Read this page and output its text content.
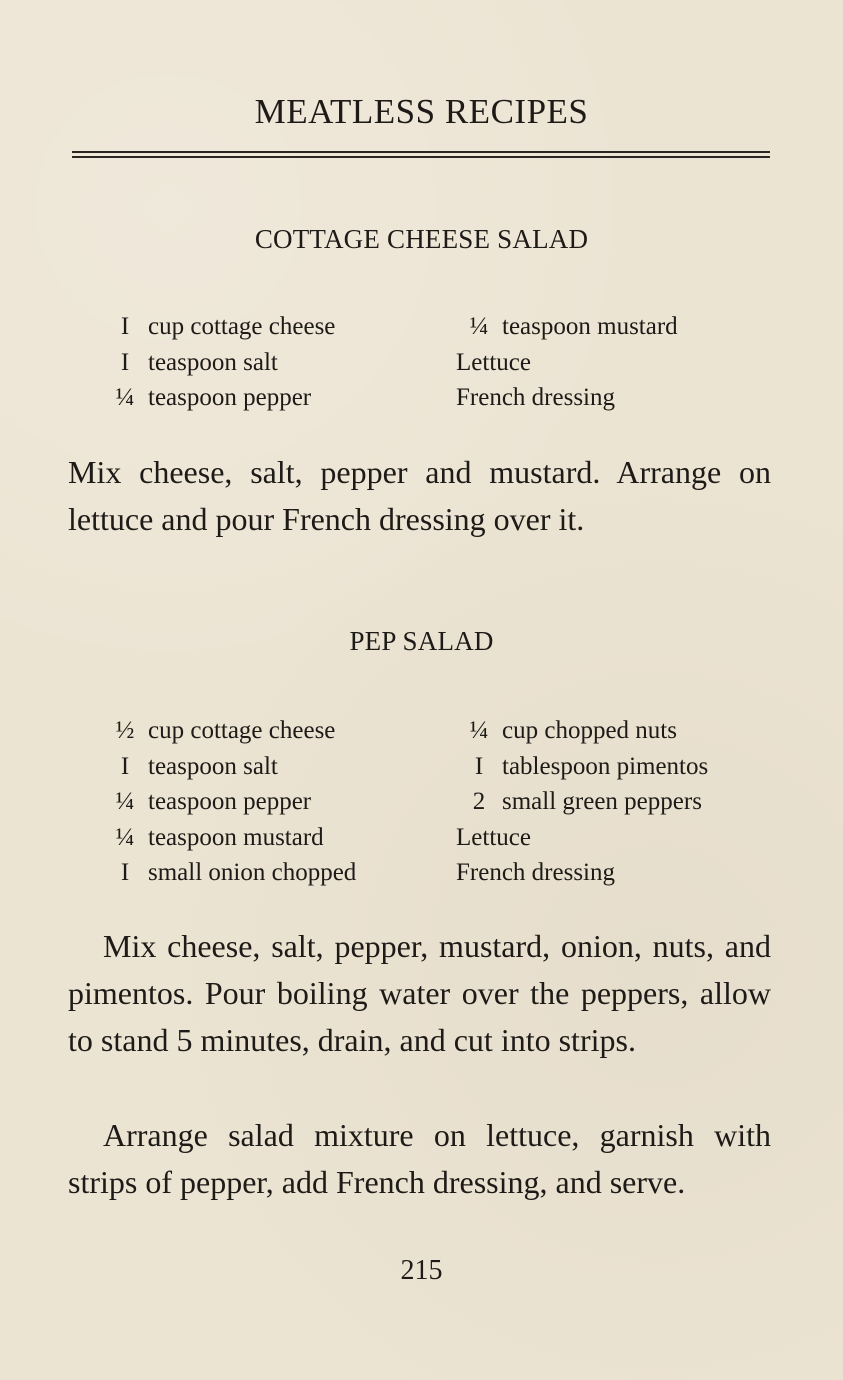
MEATLESS RECIPES
COTTAGE CHEESE SALAD
I cup cottage cheese	¼ teaspoon mustard
I teaspoon salt	Lettuce
¼ teaspoon pepper	French dressing
Mix cheese, salt, pepper and mustard. Arrange on lettuce and pour French dressing over it.
PEP SALAD
½ cup cottage cheese	¼ cup chopped nuts
I teaspoon salt	I tablespoon pimentos
¼ teaspoon pepper	2 small green peppers
¼ teaspoon mustard	Lettuce
I small onion chopped	French dressing
Mix cheese, salt, pepper, mustard, onion, nuts, and pimentos. Pour boiling water over the peppers, allow to stand 5 minutes, drain, and cut into strips.
Arrange salad mixture on lettuce, garnish with strips of pepper, add French dressing, and serve.
215
